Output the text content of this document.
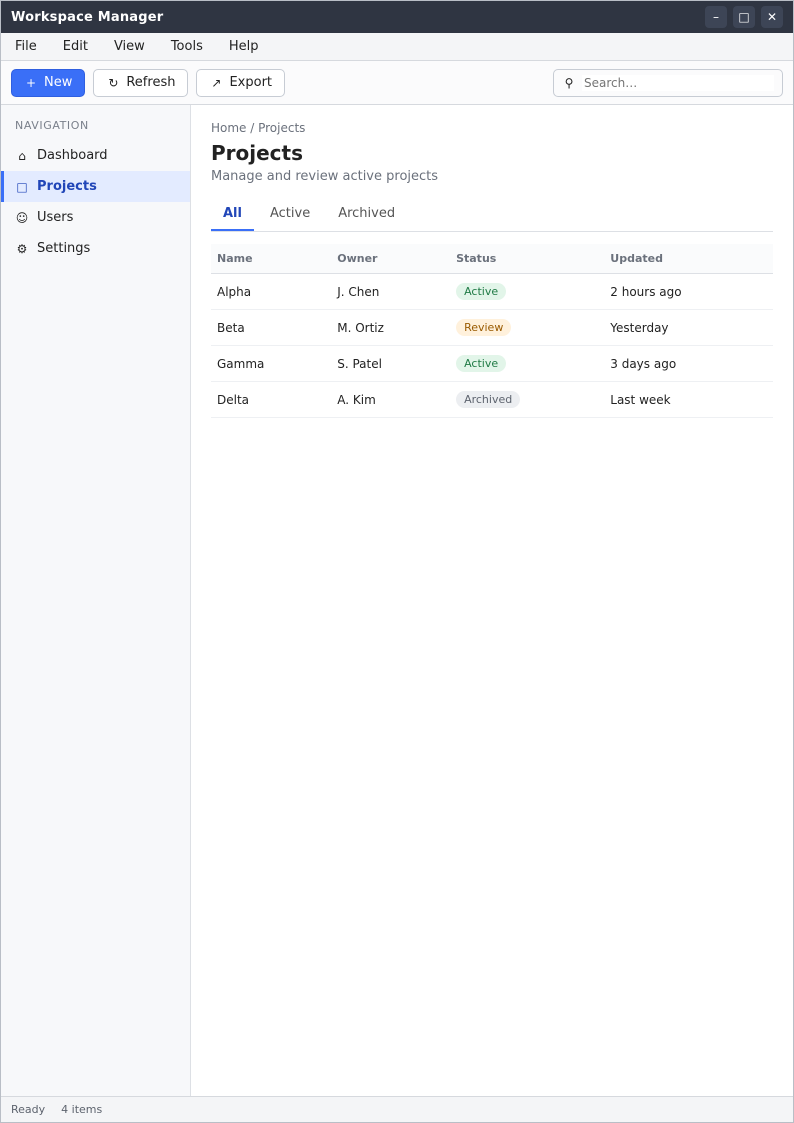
Workspace Manager	–	□ ✕
File	Edit	View	Tools	Help
+ New	↻ Refresh	↗ Export	⚲
Search…
NAVIGATION
⌂ Dashboard
□ Projects
☺ Users
⚙ Settings
Home / Projects
Projects
Manage and review active projects
All	Active	Archived
Name	Owner	Status	Updated
Alpha	J. Chen	Active	2 hours ago
Beta	M. Ortiz	Review	Yesterday
Gamma	S. Patel	Active	3 days ago
Delta	A. Kim	Archived	Last week
Ready 4 items
